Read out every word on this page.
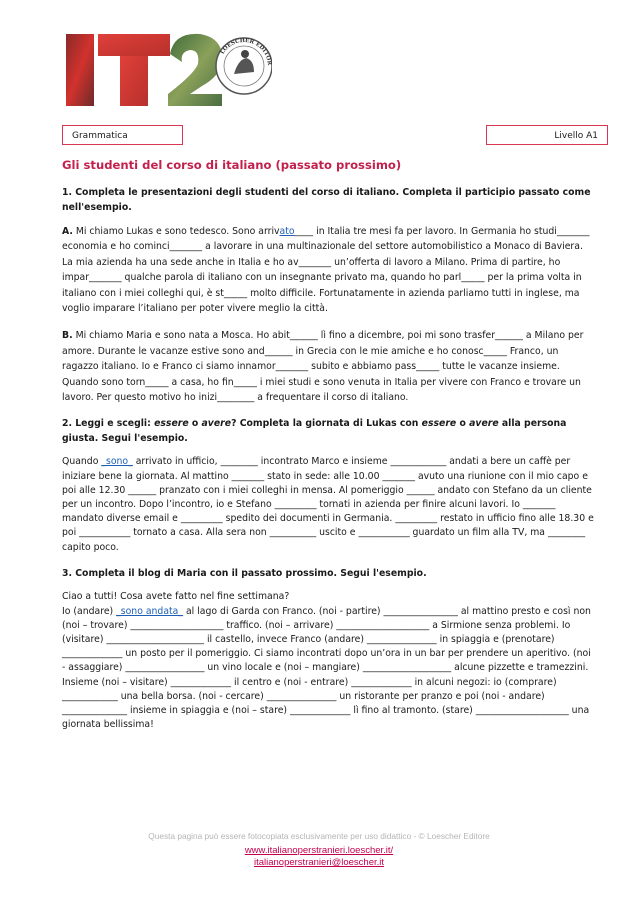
LOESCHER EDITOR
Grammatica	Livello A1
Gli studenti del corso di italiano (passato prossimo)
1. Completa le presentazioni degli studenti del corso di italiano. Completa il participio passato come nell'esempio.
A. Mi chiamo Lukas e sono tedesco. Sono arrivato____ in Italia tre mesi fa per lavoro. In Germania ho studi_______ economia e ho cominci_______ a lavorare in una multinazionale del settore automobilistico a Monaco di Baviera. La mia azienda ha una sede anche in Italia e ho av_______ un’offerta di lavoro a Milano. Prima di partire, ho impar_______ qualche parola di italiano con un insegnante privato ma, quando ho parl_____ per la prima volta in italiano con i miei colleghi qui, è st_____ molto difficile. Fortunatamente in azienda parliamo tutti in inglese, ma voglio imparare l’italiano per poter vivere meglio la città.
B. Mi chiamo Maria e sono nata a Mosca. Ho abit______ lì fino a dicembre, poi mi sono trasfer______ a Milano per amore. Durante le vacanze estive sono and______ in Grecia con le mie amiche e ho conosc_____ Franco, un ragazzo italiano. Io e Franco ci siamo innamor_______ subito e abbiamo pass_____ tutte le vacanze insieme. Quando sono torn_____ a casa, ho fin_____ i miei studi e sono venuta in Italia per vivere con Franco e trovare un lavoro. Per questo motivo ho inizi________ a frequentare il corso di italiano.
2. Leggi e scegli: essere o avere? Completa la giornata di Lukas con essere o avere alla persona giusta. Segui l'esempio.
Quando _sono_ arrivato in ufficio, ________ incontrato Marco e insieme ____________ andati a bere un caffè per iniziare bene la giornata. Al mattino _______ stato in sede: alle 10.00 _______ avuto una riunione con il mio capo e poi alle 12.30 ______ pranzato con i miei colleghi in mensa. Al pomeriggio ______ andato con Stefano da un cliente per un incontro. Dopo l’incontro, io e Stefano _________ tornati in azienda per finire alcuni lavori. Io _______ mandato diverse email e _________ spedito dei documenti in Germania. _________ restato in ufficio fino alle 18.30 e poi ___________ tornato a casa. Alla sera non __________ uscito e ___________ guardato un film alla TV, ma ________ capito poco.
3. Completa il blog di Maria con il passato prossimo. Segui l'esempio.
Ciao a tutti! Cosa avete fatto nel fine settimana?
Io (andare) _sono andata_ al lago di Garda con Franco. (noi - partire) ________________ al mattino presto e così non (noi – trovare) ____________________ traffico. (noi – arrivare) ____________________ a Sirmione senza problemi. Io (visitare) _____________________ il castello, invece Franco (andare) _______________ in spiaggia e (prenotare) _____________ un posto per il pomeriggio. Ci siamo incontrati dopo un’ora in un bar per prendere un aperitivo. (noi - assaggiare) _________________ un vino locale e (noi – mangiare) ___________________ alcune pizzette e tramezzini. Insieme (noi – visitare) _____________ il centro e (noi - entrare) _____________ in alcuni negozi: io (comprare) ____________ una bella borsa. (noi - cercare) _______________ un ristorante per pranzo e poi (noi - andare) ______________ insieme in spiaggia e (noi – stare) _____________ lì fino al tramonto. (stare) ____________________ una giornata bellissima!
Questa pagina può essere fotocopiata esclusivamente per uso didattico - © Loescher Editore
www.italianoperstranieri.loescher.it/
italianoperstranieri@loescher.it
